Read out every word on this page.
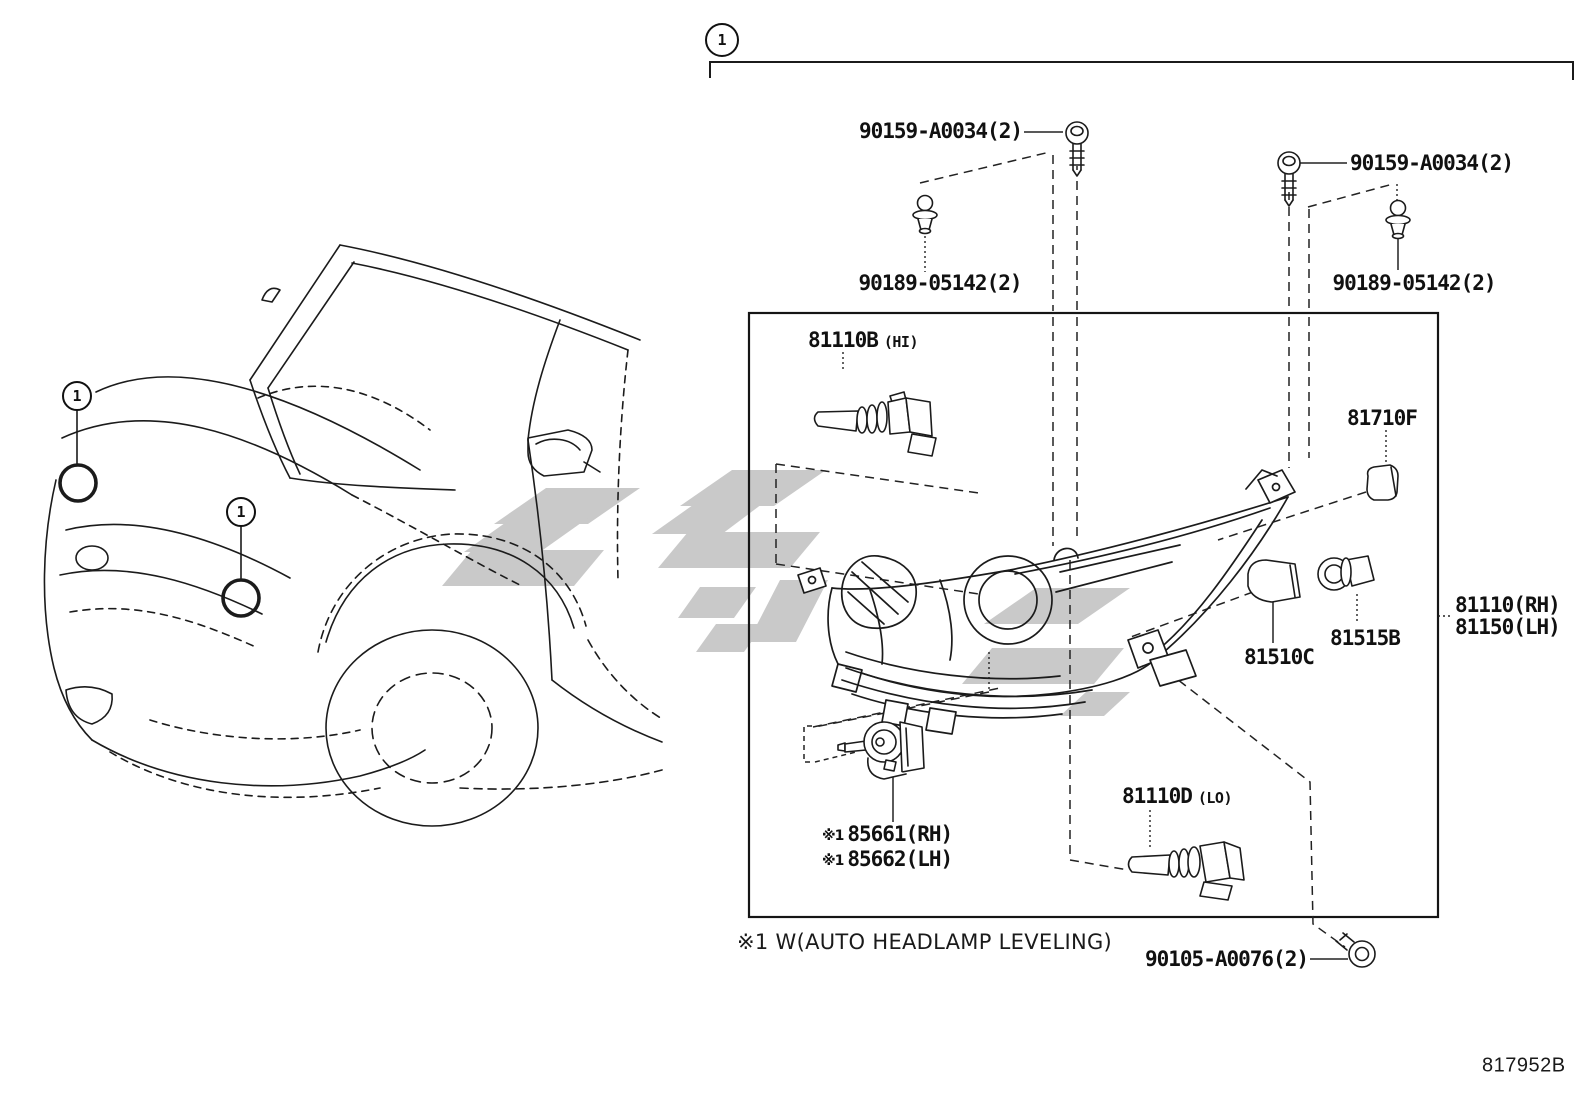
1
1
1
90159-A0034(2)
90159-A0034(2)
90189-05142(2)	90189-05142(2)
81110B (HI)
81710F
81110(RH)
81150(LH)
81515B
81510C
※1 85661(RH)
※1 85662(LH)
81110D (LO)
90105-A0076(2)
※1 W(AUTO HEADLAMP LEVELING)
817952B
